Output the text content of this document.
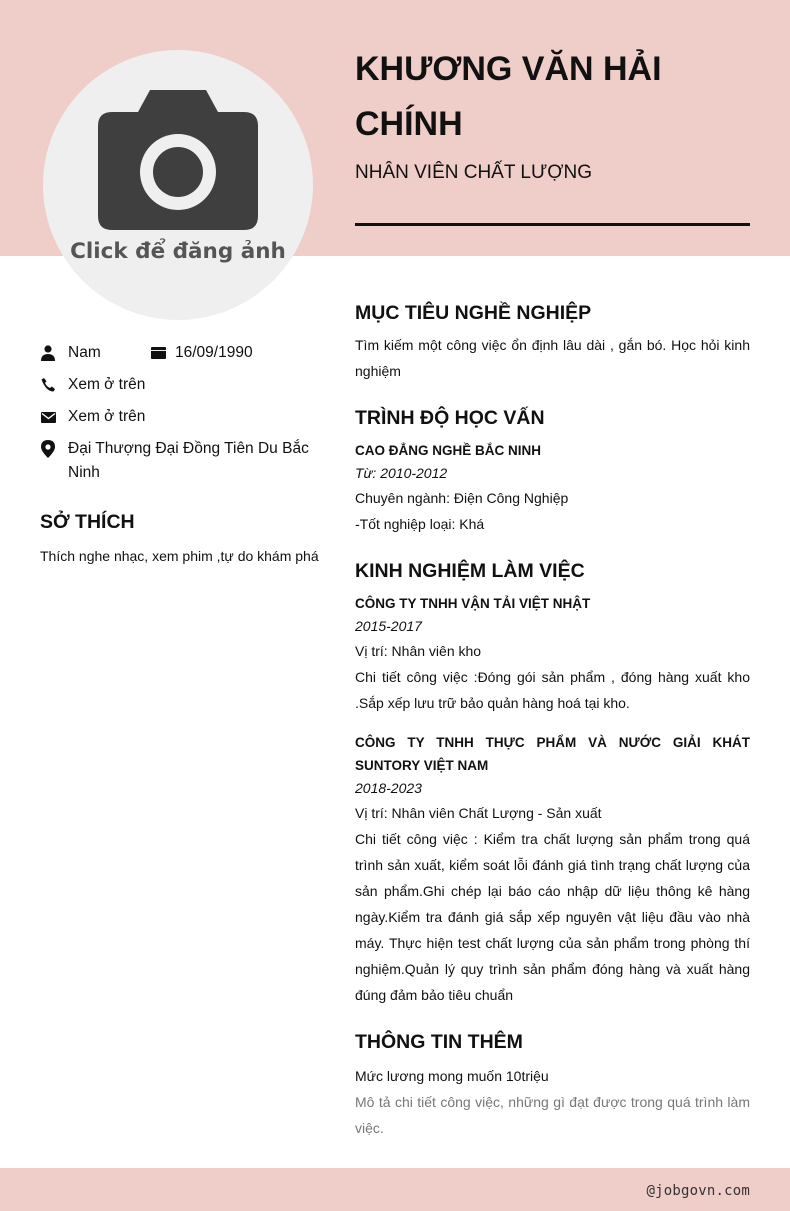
Click để đăng ảnh
KHƯƠNG VĂN HẢI CHÍNH
NHÂN VIÊN CHẤT LƯỢNG
Nam	16/09/1990
Xem ở trên
Xem ở trên
Đại Thượng Đại Đồng Tiên Du Bắc Ninh
SỞ THÍCH
Thích nghe nhạc, xem phim ,tự do khám phá
MỤC TIÊU NGHỀ NGHIỆP
Tìm kiếm một công việc ổn định lâu dài , gắn bó. Học hỏi kinh nghiệm
TRÌNH ĐỘ HỌC VẤN
CAO ĐẲNG NGHỀ BẮC NINH
Từ: 2010-2012
Chuyên ngành: Điện Công Nghiệp
-Tốt nghiệp loại: Khá
KINH NGHIỆM LÀM VIỆC
CÔNG TY TNHH VẬN TẢI VIỆT NHẬT
2015-2017
Vị trí: Nhân viên kho
Chi tiết công việc :Đóng gói sản phẩm , đóng hàng xuất kho .Sắp xếp lưu trữ bảo quản hàng hoá tại kho.
CÔNG TY TNHH THỰC PHẨM VÀ NƯỚC GIẢI KHÁT SUNTORY VIỆT NAM
2018-2023
Vị trí: Nhân viên Chất Lượng - Sản xuất
Chi tiết công việc : Kiểm tra chất lượng sản phẩm trong quá trình sản xuất, kiểm soát lỗi đánh giá tình trạng chất lượng của sản phẩm.Ghi chép lại báo cáo nhập dữ liệu thông kê hàng ngày.Kiểm tra đánh giá sắp xếp nguyên vật liệu đầu vào nhà máy. Thực hiện test chất lượng của sản phẩm trong phòng thí nghiệm.Quản lý quy trình sản phẩm đóng hàng và xuất hàng đúng đảm bảo tiêu chuẩn
THÔNG TIN THÊM
Mức lương mong muốn 10triệu
Mô tả chi tiết công việc, những gì đạt được trong quá trình làm việc.
@jobgovn.com
